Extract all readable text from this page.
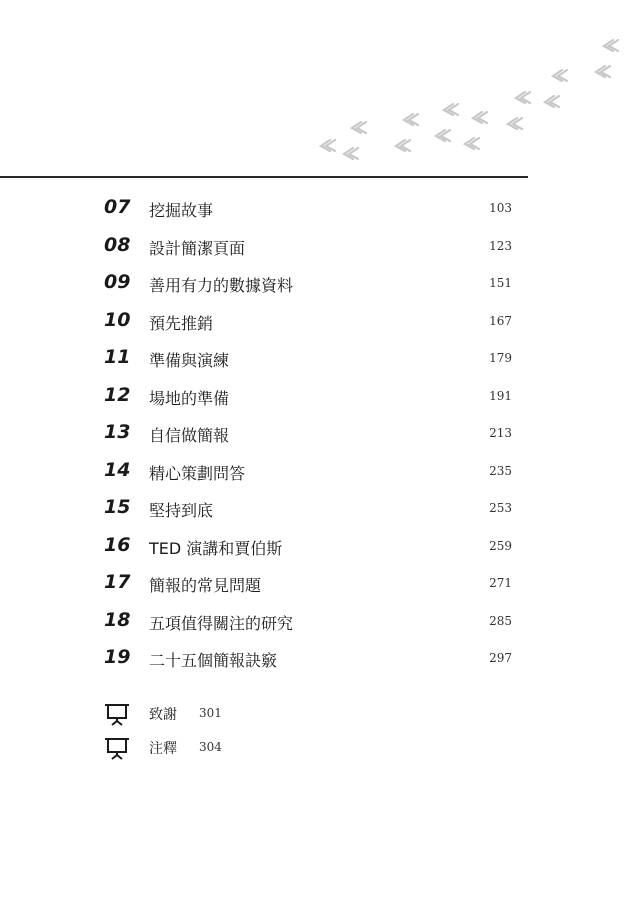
07 挖掘故事	103
08 設計簡潔頁面	123
09 善用有力的數據資料	151
10 預先推銷	167
11 準備與演練	179
12 場地的準備	191
13 自信做簡報	213
14 精心策劃問答	235
15 堅持到底	253
16 TED 演講和賈伯斯	259
17 簡報的常見問題	271
18 五項值得關注的研究	285
19 二十五個簡報訣竅	297
致謝 301
注釋 304
